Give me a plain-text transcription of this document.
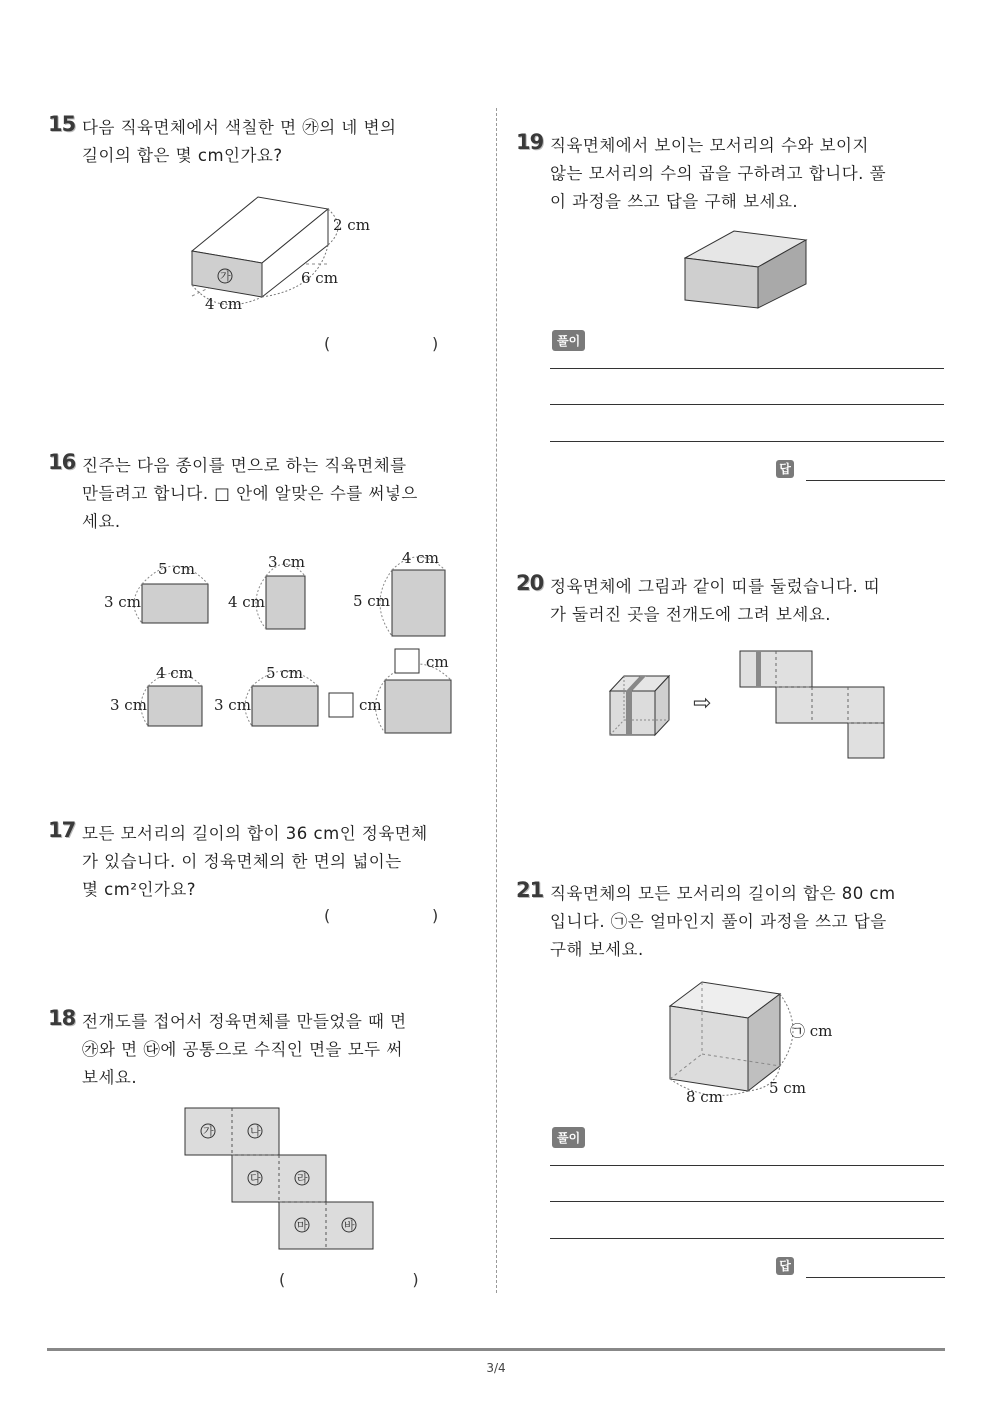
15 다음 직육면체에서 색칠한 면 ㉮의 네 변의
길이의 합은 몇 cm인가요?
가
2 cm
6 cm
4 cm
(                    )
16 진주는 다음 종이를 면으로 하는 직육면체를
만들려고 합니다. □ 안에 알맞은 수를 써넣으
세요.
5 cm
3 cm
3 cm
4 cm
4 cm
5 cm
4 cm
3 cm
5 cm
3 cm
cm
cm
17 모든 모서리의 길이의 합이 36 cm인 정육면체
가 있습니다. 이 정육면체의 한 면의 넓이는
몇 cm²인가요?
(                    )
18 전개도를 접어서 정육면체를 만들었을 때 면
㉮와 면 ㉰에 공통으로 수직인 면을 모두 써
보세요.
가	나
다	라
마	바
(                         )
19 직육면체에서 보이는 모서리의 수와 보이지
않는 모서리의 수의 곱을 구하려고 합니다. 풀
이 과정을 쓰고 답을 구해 보세요.
풀이
답
20 정육면체에 그림과 같이 띠를 둘렀습니다. 띠
가 둘러진 곳을 전개도에 그려 보세요.
⇨
21 직육면체의 모든 모서리의 길이의 합은 80 cm
입니다. ㉠은 얼마인지 풀이 과정을 쓰고 답을
구해 보세요.
㉠ cm
5 cm
8 cm
풀이
답
3/4
